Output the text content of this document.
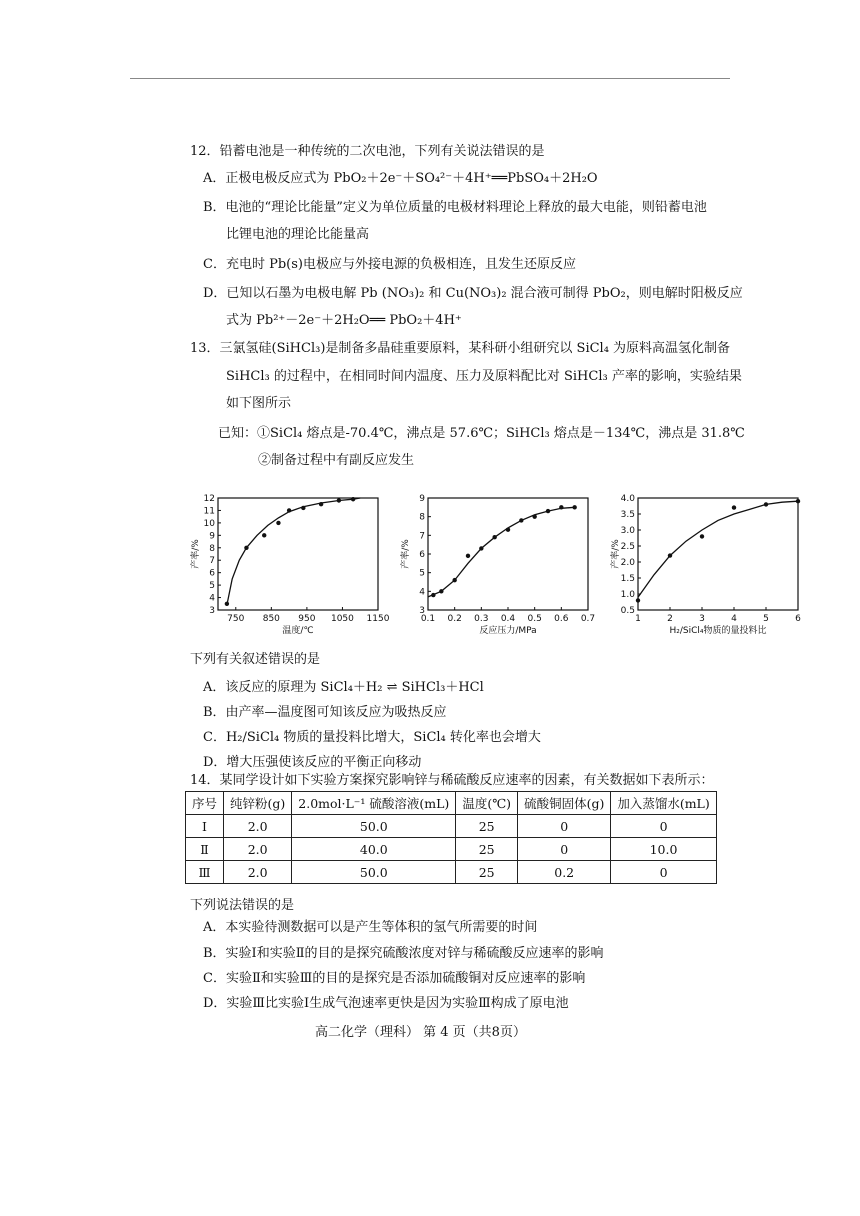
12．铅蓄电池是一种传统的二次电池，下列有关说法错误的是
A．正极电极反应式为 PbO₂＋2e⁻＋SO₄²⁻＋4H⁺══PbSO₄＋2H₂O
B．电池的“理论比能量”定义为单位质量的电极材料理论上释放的最大电能，则铅蓄电池
比锂电池的理论比能量高
C．充电时 Pb(s)电极应与外接电源的负极相连，且发生还原反应
D．已知以石墨为电极电解 Pb (NO₃)₂ 和 Cu(NO₃)₂ 混合液可制得 PbO₂，则电解时阳极反应
式为 Pb²⁺－2e⁻＋2H₂O══ PbO₂＋4H⁺
13．三氯氢硅(SiHCl₃)是制备多晶硅重要原料，某科研小组研究以 SiCl₄ 为原料高温氢化制备
SiHCl₃ 的过程中，在相同时间内温度、压力及原料配比对 SiHCl₃ 产率的影响，实验结果
如下图所示
已知：①SiCl₄ 熔点是-70.4℃，沸点是 57.6℃；SiHCl₃ 熔点是－134℃，沸点是 31.8℃
②制备过程中有副反应发生
3
4
5
6
7
8
9
10
11
12
750 850 950 1050 1150
温度/℃
产率/%
3
4
5
6
7
8
9
0.1 0.2 0.3 0.4 0.5 0.6 0.7
反应压力/MPa
产率/%
0.5
1.0
1.5
2.0
2.5
3.0
3.5
4.0
1	2	3	4	5	6
H₂/SiCl₄物质的量投料比
产率/%
下列有关叙述错误的是
A．该反应的原理为 SiCl₄＋H₂ ⇌ SiHCl₃＋HCl
B．由产率—温度图可知该反应为吸热反应
C．H₂/SiCl₄ 物质的量投料比增大，SiCl₄ 转化率也会增大
D．增大压强使该反应的平衡正向移动
14．某同学设计如下实验方案探究影响锌与稀硫酸反应速率的因素，有关数据如下表所示：
序号	纯锌粉(g)	2.0mol·L⁻¹ 硫酸溶液(mL)	温度(℃)	硫酸铜固体(g)	加入蒸馏水(mL)
Ⅰ	2.0	50.0	25	0	0
Ⅱ	2.0	40.0	25	0	10.0
Ⅲ	2.0	50.0	25	0.2	0
下列说法错误的是
A．本实验待测数据可以是产生等体积的氢气所需要的时间
B．实验Ⅰ和实验Ⅱ的目的是探究硫酸浓度对锌与稀硫酸反应速率的影响
C．实验Ⅱ和实验Ⅲ的目的是探究是否添加硫酸铜对反应速率的影响
D．实验Ⅲ比实验Ⅰ生成气泡速率更快是因为实验Ⅲ构成了原电池
高二化学（理科） 第 4 页（共8页）
